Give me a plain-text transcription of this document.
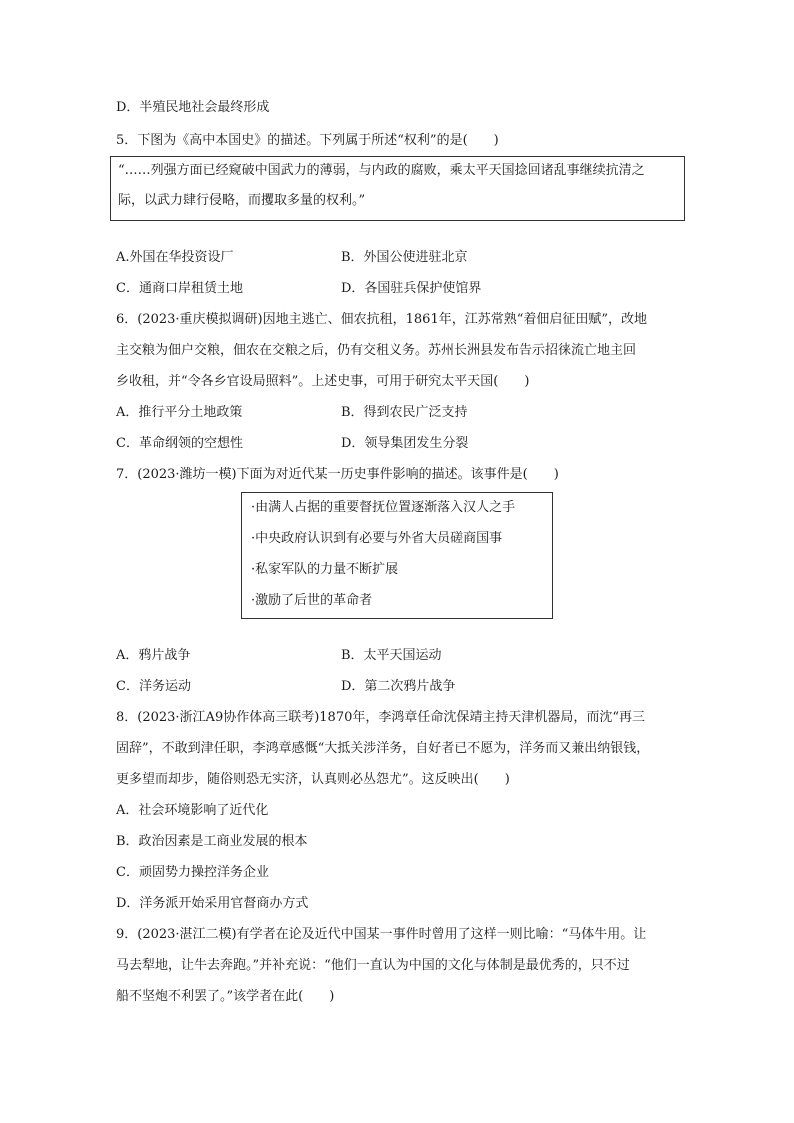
D．半殖民地社会最终形成
5．下图为《高中本国史》的描述。下列属于所述“权利”的是(　　)
“……列强方面已经窥破中国武力的薄弱，与内政的腐败，乘太平天国捻回诸乱事继续抗清之
际，以武力肆行侵略，而攫取多量的权利。”
A.外国在华投资设厂	B．外国公使进驻北京
C．通商口岸租赁土地	D．各国驻兵保护使馆界
6．(2023·重庆模拟调研)因地主逃亡、佃农抗租，1861年，江苏常熟“着佃启征田赋”，改地
主交粮为佃户交粮，佃农在交粮之后，仍有交租义务。苏州长洲县发布告示招徕流亡地主回
乡收租，并“令各乡官设局照料”。上述史事，可用于研究太平天国(　　)
A．推行平分土地政策	B．得到农民广泛支持
C．革命纲领的空想性	D．领导集团发生分裂
7．(2023·潍坊一模)下面为对近代某一历史事件影响的描述。该事件是(　　)
·由满人占据的重要督抚位置逐渐落入汉人之手
·中央政府认识到有必要与外省大员磋商国事
·私家军队的力量不断扩展
·激励了后世的革命者
A．鸦片战争	B．太平天国运动
C．洋务运动	D．第二次鸦片战争
8．(2023·浙江A9协作体高三联考)1870年，李鸿章任命沈保靖主持天津机器局，而沈“再三
固辞”，不敢到津任职，李鸿章感慨“大抵关涉洋务，自好者已不愿为，洋务而又兼出纳银钱，
更多望而却步，随俗则恐无实济，认真则必丛怨尤”。这反映出(　　)
A．社会环境影响了近代化
B．政治因素是工商业发展的根本
C．顽固势力操控洋务企业
D．洋务派开始采用官督商办方式
9．(2023·湛江二模)有学者在论及近代中国某一事件时曾用了这样一则比喻：“马体牛用。让
马去犁地，让牛去奔跑。”并补充说：“他们一直认为中国的文化与体制是最优秀的，只不过
船不坚炮不利罢了。”该学者在此(　　)
